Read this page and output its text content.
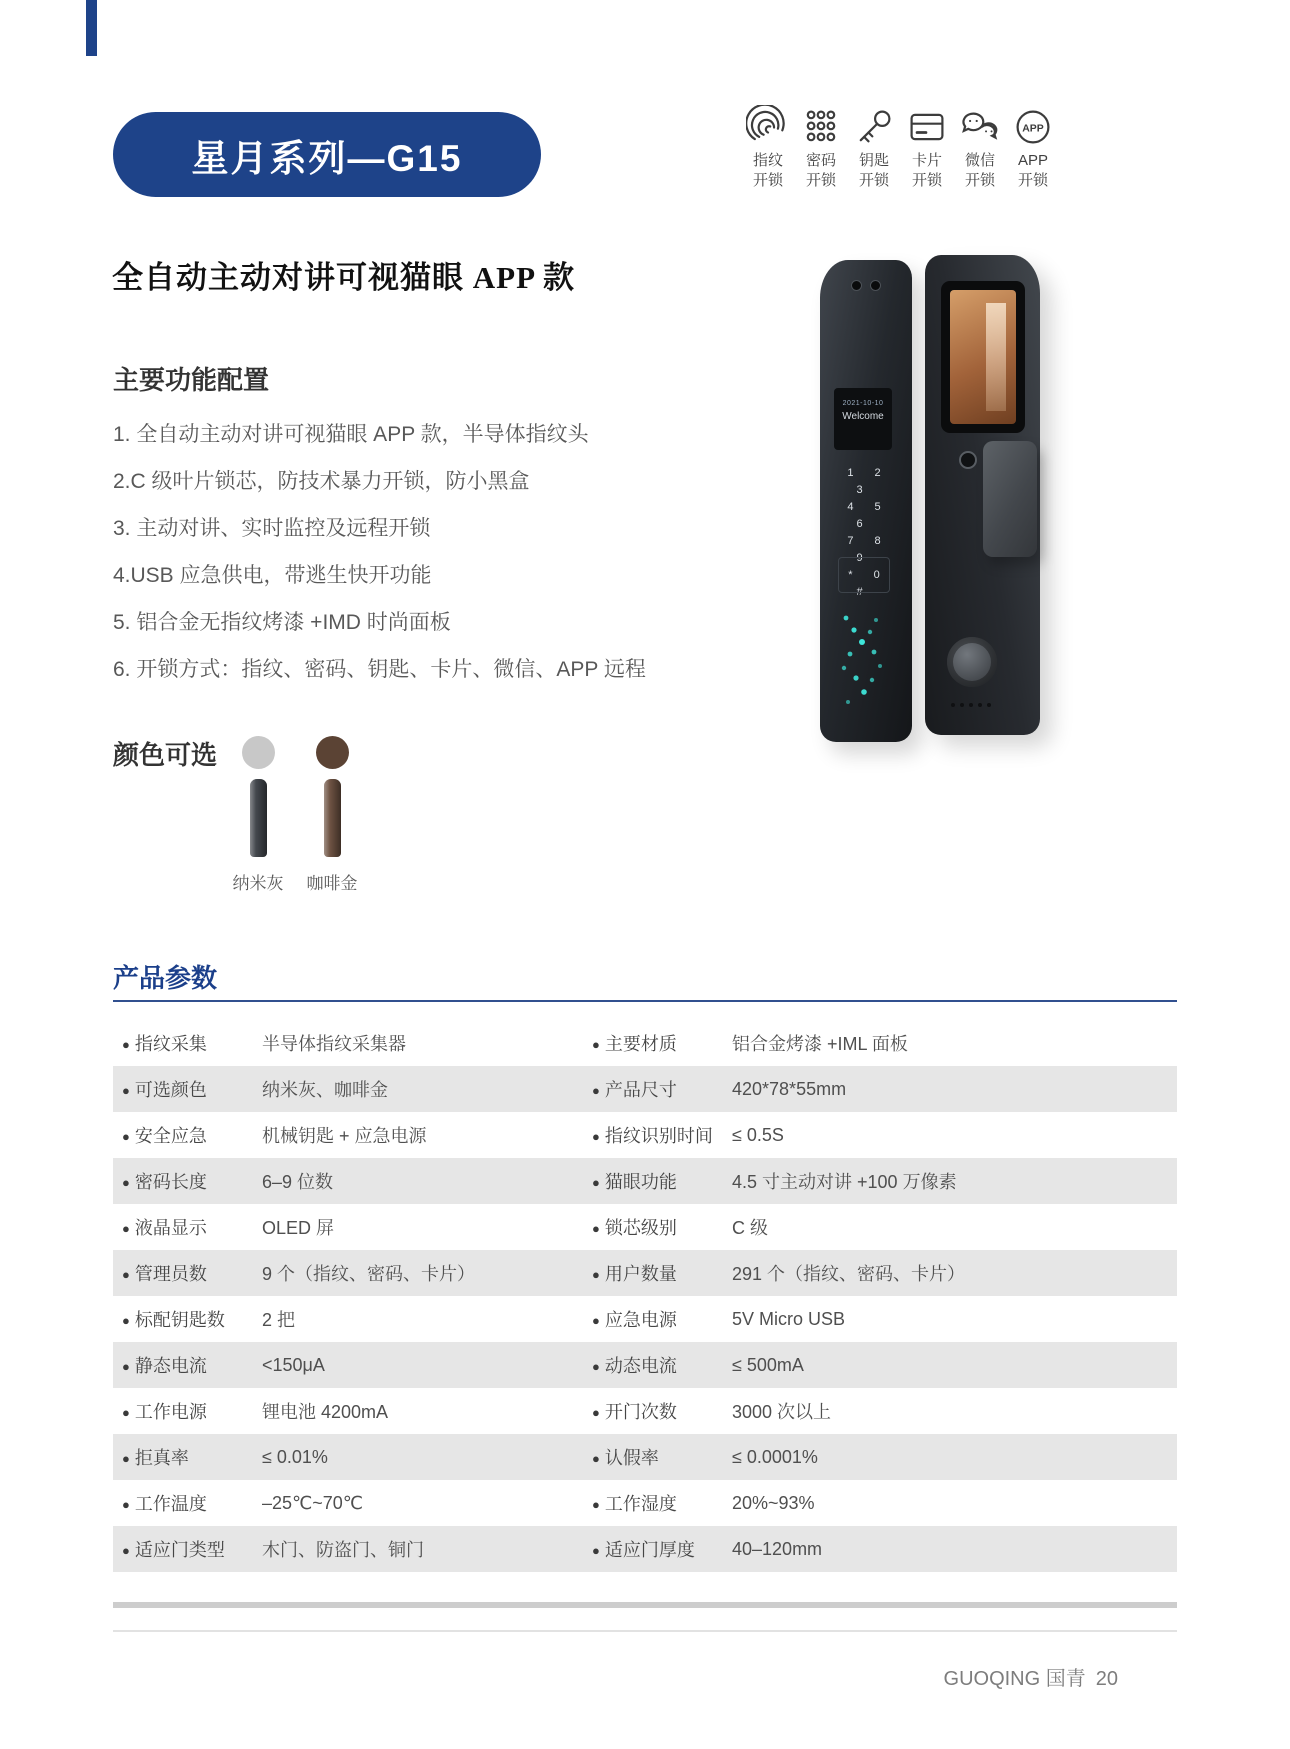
星月系列—G15	指纹
开锁
密码
开锁
钥匙
开锁
卡片
开锁
微信
开锁
APP
APP
开锁
全自动主动对讲可视猫眼 APP 款
主要功能配置
1. 全自动主动对讲可视猫眼 APP 款，半导体指纹头
2.C 级叶片锁芯，防技术暴力开锁，防小黑盒
3. 主动对讲、实时监控及远程开锁
4.USB 应急供电，带逃生快开功能
5. 铝合金无指纹烤漆 +IMD 时尚面板
6. 开锁方式：指纹、密码、钥匙、卡片、微信、APP 远程
颜色可选
纳米灰	咖啡金
2021-10-10
Welcome
1 2 3
4 5 6
7 8 9
* 0 #
产品参数
● 指纹采集	半导体指纹采集器	● 主要材质	铝合金烤漆 +IML 面板
● 可选颜色	纳米灰、咖啡金	● 产品尺寸	420*78*55mm
● 安全应急	机械钥匙 + 应急电源	● 指纹识别时间	≤ 0.5S
● 密码长度	6–9 位数	● 猫眼功能	4.5 寸主动对讲 +100 万像素
● 液晶显示	OLED 屏	● 锁芯级别	C 级
● 管理员数	9 个（指纹、密码、卡片）	● 用户数量	291 个（指纹、密码、卡片）
● 标配钥匙数	2 把	● 应急电源	5V Micro USB
● 静态电流	<150μA	● 动态电流	≤ 500mA
● 工作电源	锂电池 4200mA	● 开门次数	3000 次以上
● 拒真率	≤ 0.01%	● 认假率	≤ 0.0001%
● 工作温度	–25℃~70℃	● 工作湿度	20%~93%
● 适应门类型	木门、防盗门、铜门	● 适应门厚度	40–120mm
GUOQING 国青 20
